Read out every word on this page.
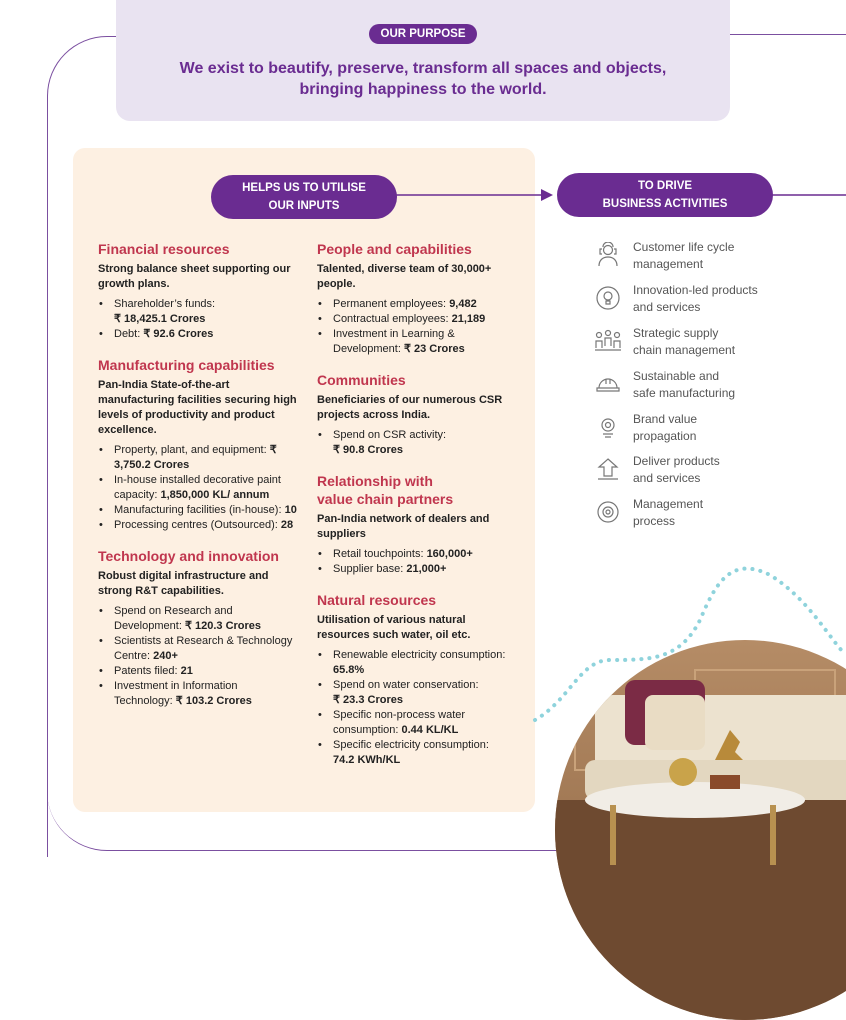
OUR PURPOSE
We exist to beautify, preserve, transform all spaces and objects,
bringing happiness to the world.
HELPS US TO UTILISE
OUR INPUTS
TO DRIVE
BUSINESS ACTIVITIES
Financial resources
Strong balance sheet supporting our growth plans.
• Shareholder’s funds:
₹ 18,425.1 Crores
• Debt: ₹ 92.6 Crores
Manufacturing capabilities
Pan-India State-of-the-art manufacturing facilities securing high levels of productivity and product excellence.
• Property, plant, and equipment: ₹ 3,750.2 Crores
• In-house installed decorative paint capacity: 1,850,000 KL/ annum
• Manufacturing facilities (in-house): 10
• Processing centres (Outsourced): 28
Technology and innovation
Robust digital infrastructure and strong R&T capabilities.
• Spend on Research and Development: ₹ 120.3 Crores
• Scientists at Research & Technology Centre: 240+
• Patents filed: 21
• Investment in Information Technology: ₹ 103.2 Crores
People and capabilities
Talented, diverse team of 30,000+ people.
• Permanent employees: 9,482
• Contractual employees: 21,189
• Investment in Learning & Development: ₹ 23 Crores
Communities
Beneficiaries of our numerous CSR projects across India.
• Spend on CSR activity:
₹ 90.8 Crores
Relationship with
value chain partners
Pan-India network of dealers and suppliers
• Retail touchpoints: 160,000+
• Supplier base: 21,000+
Natural resources
Utilisation of various natural resources such water, oil etc.
• Renewable electricity consumption: 65.8%
• Spend on water conservation:
₹ 23.3 Crores
• Specific non-process water consumption: 0.44 KL/KL
• Specific electricity consumption:
74.2 KWh/KL
Customer life cycle
management
Innovation-led products
and services
Strategic supply
chain management
Sustainable and
safe manufacturing
Brand value
propagation
Deliver products
and services
Management
process
